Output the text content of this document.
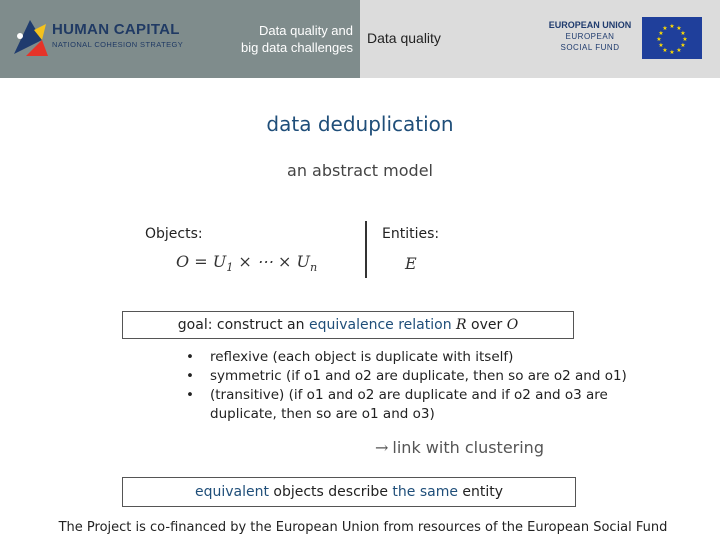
HUMAN CAPITAL
NATIONAL COHESION STRATEGY
Data quality and
big data challenges
Data quality
EUROPEAN UNION
EUROPEAN
SOCIAL FUND
★ ★
★
★
★
★
★
★
★
★
★
★
data deduplication
an abstract model
Objects:	Entities:
$O = U_1$ × ⋯ × $U_n$	E
goal: construct an equivalence relation R over O
• reflexive (each object is duplicate with itself)
• symmetric (if o1 and o2 are duplicate, then so are o2 and o1)
• (transitive) (if o1 and o2 are duplicate and if o2 and o3 are duplicate, then so are o1 and o3)
→ link with clustering
equivalent objects describe the same entity
The Project is co-financed by the European Union from resources of the European Social Fund
